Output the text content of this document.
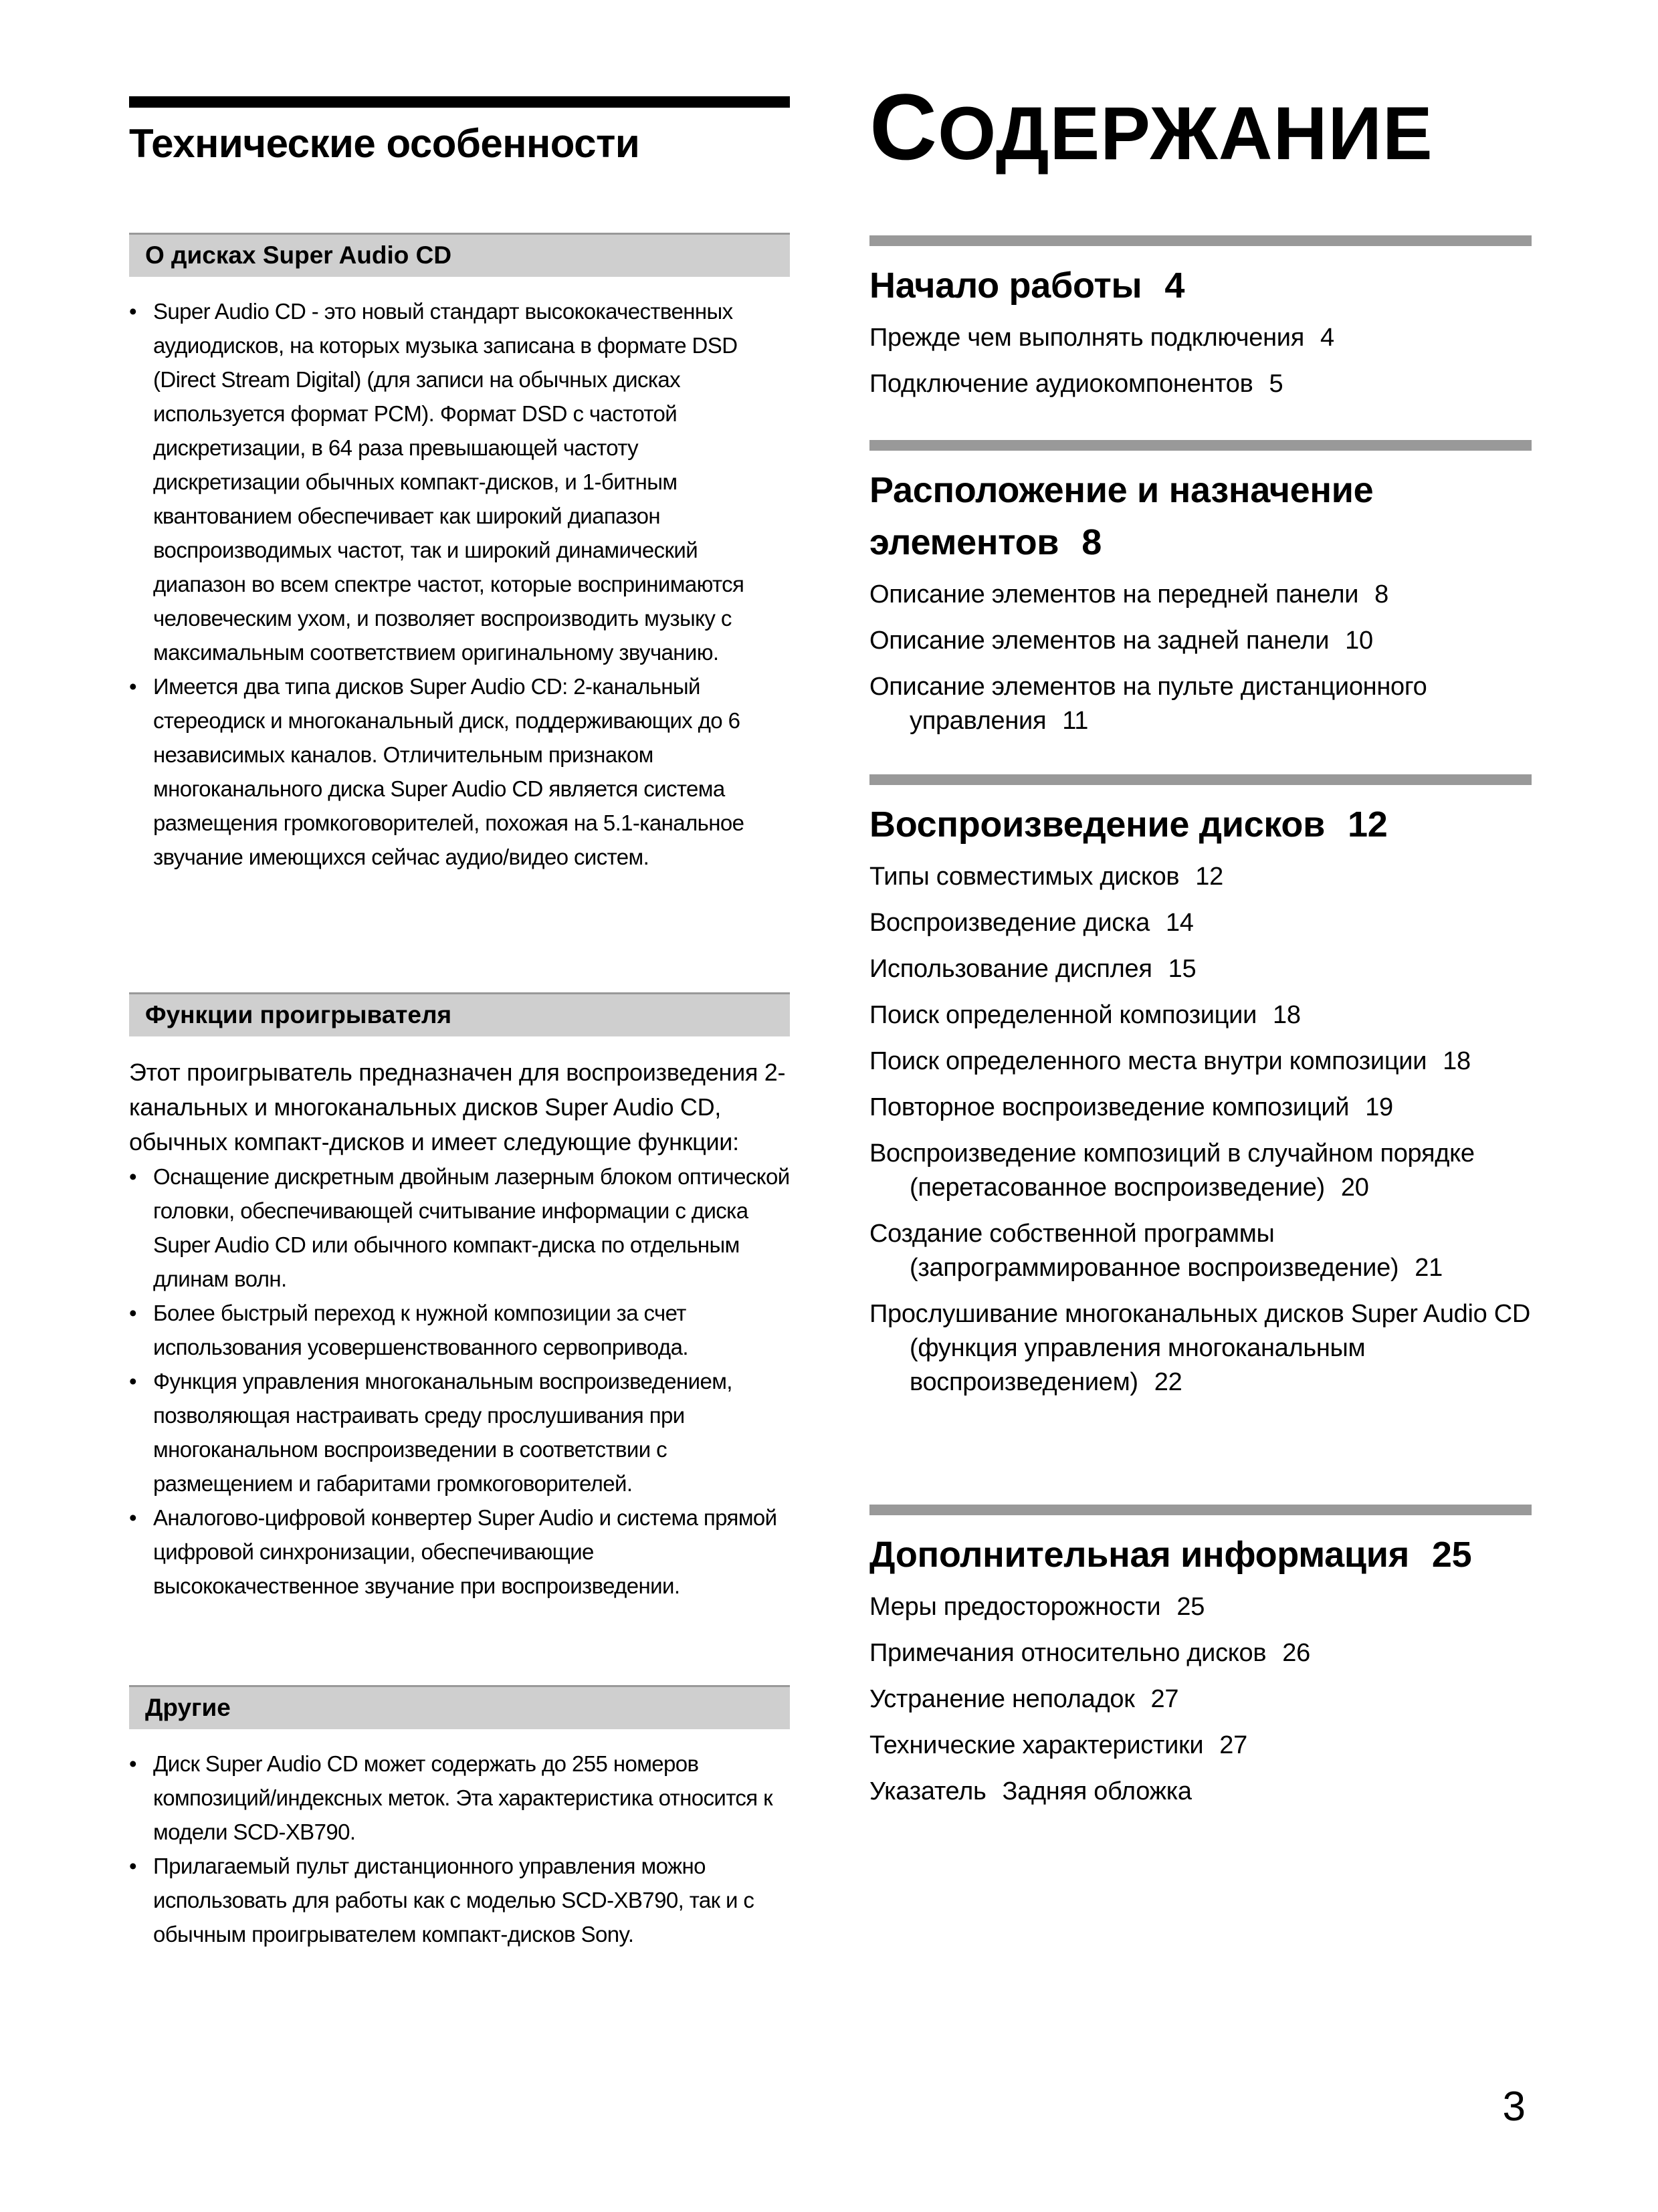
Технические особенности
О дисках Super Audio CD
• Super Audio CD - это новый стандарт высококачественных аудиодисков, на которых музыка записана в формате DSD (Direct Stream Digital) (для записи на обычных дисках используется формат PCM). Формат DSD с частотой дискретизации, в 64 раза превышающей частоту дискретизации обычных компакт-дисков, и 1-битным квантованием обеспечивает как широкий диапазон воспроизводимых частот, так и широкий динамический диапазон во всем спектре частот, которые воспринимаются человеческим ухом, и позволяет воспроизводить музыку с максимальным соответствием оригинальному звучанию.
• Имеется два типа дисков Super Audio CD: 2-канальный стереодиск и многоканальный диск, поддерживающих до 6 независимых каналов. Отличительным признаком многоканального диска Super Audio CD является система размещения громкоговорителей, похожая на 5.1-канальное звучание имеющихся сейчас аудио/видео систем.
Функции проигрывателя

Этот проигрыватель предназначен для воспроизведения 2-канальных и многоканальных дисков Super Audio CD, обычных компакт-дисков и имеет следующие функции:

• Оснащение дискретным двойным лазерным блоком оптической головки, обеспечивающей считывание информации с диска Super Audio CD или обычного компакт-диска по отдельным длинам волн.
• Более быстрый переход к нужной композиции за счет использования усовершенствованного сервопривода.
• Функция управления многоканальным воспроизведением, позволяющая настраивать среду прослушивания при многоканальном воспроизведении в соответствии с размещением и габаритами громкоговорителей.
• Аналогово-цифровой конвертер Super Audio и система прямой цифровой синхронизации, обеспечивающие высококачественное звучание при воспроизведении.
Другие
• Диск Super Audio CD может содержать до 255 номеров композиций/индексных меток. Эта характеристика относится к модели SCD-XB790.
• Прилагаемый пульт дистанционного управления можно использовать для работы как с моделью SCD-XB790, так и с обычным проигрывателем компакт-дисков Sony.
СОДЕРЖАНИЕ
Начало работы 4
Прежде чем выполнять подключения 4
Подключение аудиокомпонентов 5
Расположение и назначение элементов 8
Описание элементов на передней панели 8
Описание элементов на задней панели 10
Описание элементов на пульте дистанционного управления 11
Воспроизведение дисков 12
Типы совместимых дисков 12
Воспроизведение диска 14
Использование дисплея 15
Поиск определенной композиции 18
Поиск определенного места внутри композиции 18
Повторное воспроизведение композиций 19
Воспроизведение композиций в случайном порядке (перетасованное воспроизведение) 20
Создание собственной программы (запрограммированное воспроизведение) 21
Прослушивание многоканальных дисков Super Audio CD (функция управления многоканальным воспроизведением) 22
Дополнительная информация 25
Меры предосторожности 25
Примечания относительно дисков 26
Устранение неполадок 27
Технические характеристики 27
Указатель Задняя обложка
3
